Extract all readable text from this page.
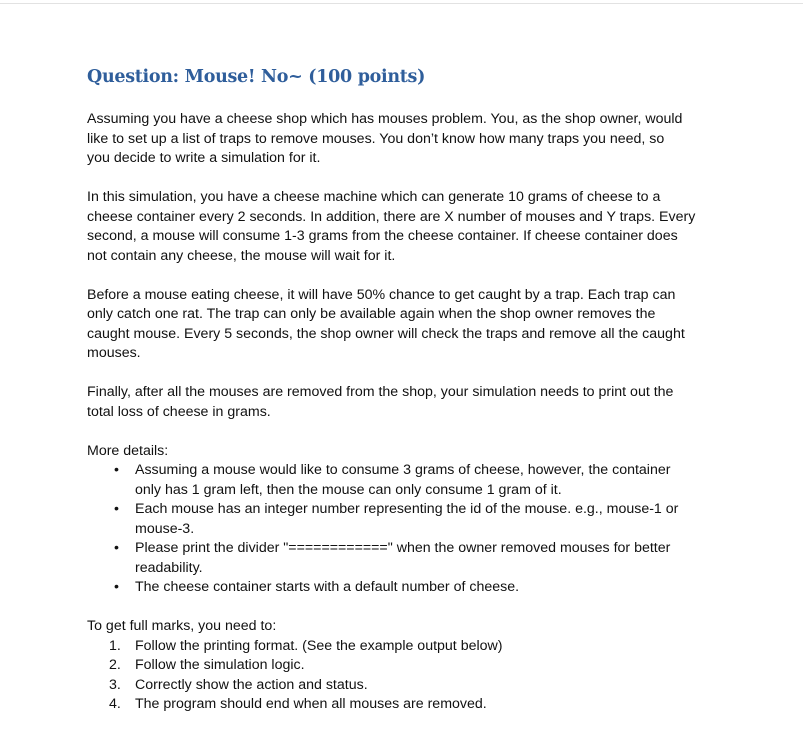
Question: Mouse! No~ (100 points)
Assuming you have a cheese shop which has mouses problem. You, as the shop owner, would
like to set up a list of traps to remove mouses. You don’t know how many traps you need, so
you decide to write a simulation for it.
In this simulation, you have a cheese machine which can generate 10 grams of cheese to a
cheese container every 2 seconds. In addition, there are X number of mouses and Y traps. Every
second, a mouse will consume 1-3 grams from the cheese container. If cheese container does
not contain any cheese, the mouse will wait for it.
Before a mouse eating cheese, it will have 50% chance to get caught by a trap. Each trap can
only catch one rat. The trap can only be available again when the shop owner removes the
caught mouse. Every 5 seconds, the shop owner will check the traps and remove all the caught
mouses.
Finally, after all the mouses are removed from the shop, your simulation needs to print out the
total loss of cheese in grams.
More details:
• Assuming a mouse would like to consume 3 grams of cheese, however, the container
only has 1 gram left, then the mouse can only consume 1 gram of it.
• Each mouse has an integer number representing the id of the mouse. e.g., mouse-1 or
mouse-3.
• Please print the divider "============" when the owner removed mouses for better
readability.
• The cheese container starts with a default number of cheese.
To get full marks, you need to:
1. Follow the printing format. (See the example output below)
2. Follow the simulation logic.
3. Correctly show the action and status.
4. The program should end when all mouses are removed.
